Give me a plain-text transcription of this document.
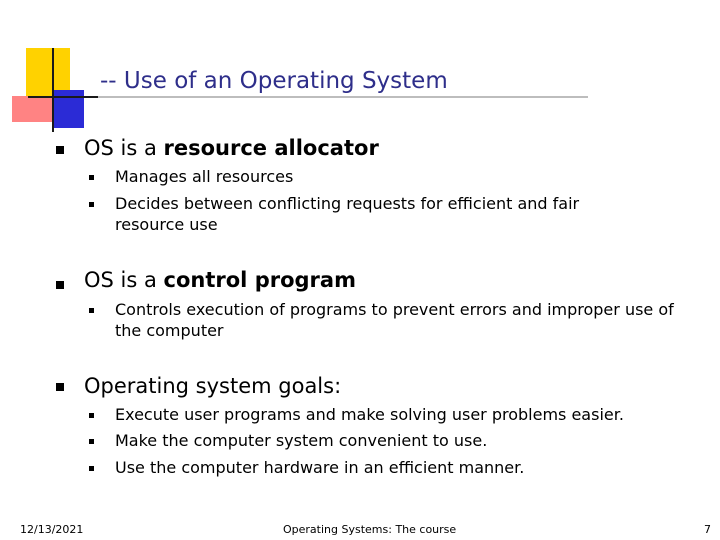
-- Use of an Operating System
OS is a resource allocator
Manages all resources
Decides between conflicting requests for efficient and fair resource use
OS is a control program
Controls execution of programs to prevent errors and improper use of the computer
Operating system goals:
Execute user programs and make solving user problems easier.
Make the computer system convenient to use.
Use the computer hardware in an efficient manner.
12/13/2021	Operating Systems: The course	7
